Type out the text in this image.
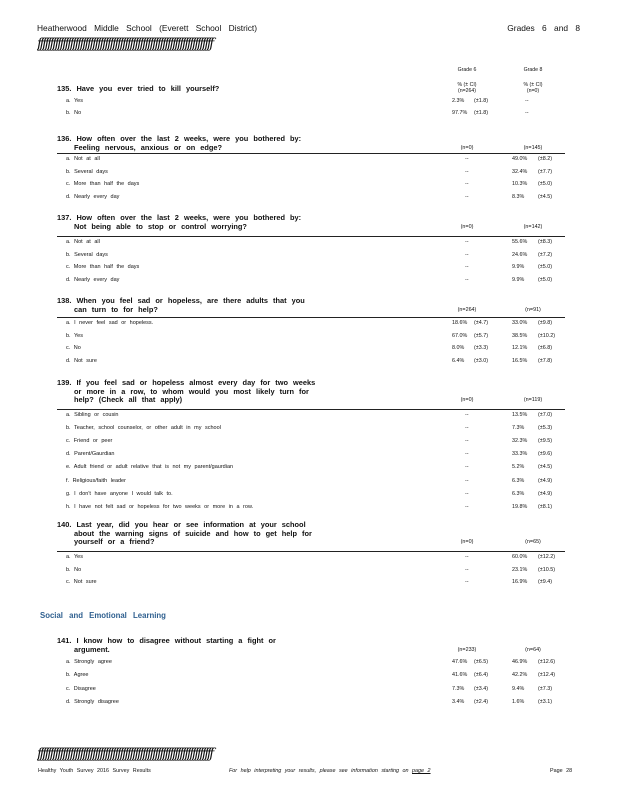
Heatherwood Middle School (Everett School District)	Grades 6 and 8
ƒƒƒƒƒƒƒƒƒƒƒƒƒƒƒƒƒƒƒƒƒƒƒƒƒƒƒƒƒƒƒƒƒƒƒƒƒƒƒƒƒƒƒƒƒƒƒƒƒƒƒƒƒƒƒƒƒƒƒƒƒƒƒƒƒƒƒƒƒƒ
Grade 6	Grade 8
% (± CI)	% (± CI)
(n=264)	(n=0)
135. Have you ever tried to kill yourself?
a. Yes	2.3% (±1.8)	--
b. No	97.7% (±1.8)	--
136. How often over the last 2 weeks, were you bothered by:
Feeling nervous, anxious or on edge?	(n=0)	(n=145)
a. Not at all	--	49.0% (±8.2)
b. Several days	--	32.4% (±7.7)
c. More than half the days	--	10.3% (±5.0)
d. Nearly every day	--	8.3%	(±4.5)
137. How often over the last 2 weeks, were you bothered by:
Not being able to stop or control worrying?	(n=0)	(n=142)
a. Not at all	--	55.6% (±8.3)
b. Several days	--	24.6% (±7.2)
c. More than half the days	--	9.9%	(±5.0)
d. Nearly every day	--	9.9%	(±5.0)
138. When you feel sad or hopeless, are there adults that you
can turn to for help?	(n=264)	(n=91)
a. I never feel sad or hopeless.	18.6% (±4.7)	33.0% (±9.8)
b. Yes	67.0% (±5.7)	38.5% (±10.2)
c. No	8.0% (±3.3)	12.1% (±6.8)
d. Not sure	6.4% (±3.0)	16.5% (±7.8)
139. If you feel sad or hopeless almost every day for two weeks
or more in a row, to whom would you most likely turn for
help? (Check all that apply)	(n=0)	(n=119)
a. Sibling or cousin	--	13.5% (±7.0)
b. Teacher, school counselor, or other adult in my school	--	7.3%	(±5.3)
c. Friend or peer	--	32.3% (±9.5)
d. Parent/Gaurdian	--	33.3% (±9.6)
e. Adult friend or adult relative that is not my parent/gaurdian	--	5.2%	(±4.5)
f. Religious/faith leader	--	6.3%	(±4.9)
g. I don't have anyone I would talk to.	--	6.3%	(±4.9)
h. I have not felt sad or hopeless for two weeks or more in a row.	--	19.8% (±8.1)
140. Last year, did you hear or see information at your school
about the warning signs of suicide and how to get help for
yourself or a friend?	(n=0)	(n=65)
a. Yes	--	60.0% (±12.2)
b. No	--	23.1% (±10.5)
c. Not sure	--	16.9% (±9.4)
Social and Emotional Learning
141. I know how to disagree without starting a fight or
argument.	(n=233)	(n=64)
a. Strongly agree	47.6% (±6.5)	46.9% (±12.6)
b. Agree	41.6% (±6.4)	42.2% (±12.4)
c. Disagree	7.3% (±3.4)	9.4%	(±7.3)
d. Strongly disagree	3.4% (±2.4)	1.6%	(±3.1)
ƒƒƒƒƒƒƒƒƒƒƒƒƒƒƒƒƒƒƒƒƒƒƒƒƒƒƒƒƒƒƒƒƒƒƒƒƒƒƒƒƒƒƒƒƒƒƒƒƒƒƒƒƒƒƒƒƒƒƒƒƒƒƒƒƒƒƒƒƒƒ
Healthy Youth Survey 2016 Survey Results	For help interpreting your results, please see information starting on page 2	Page 28
